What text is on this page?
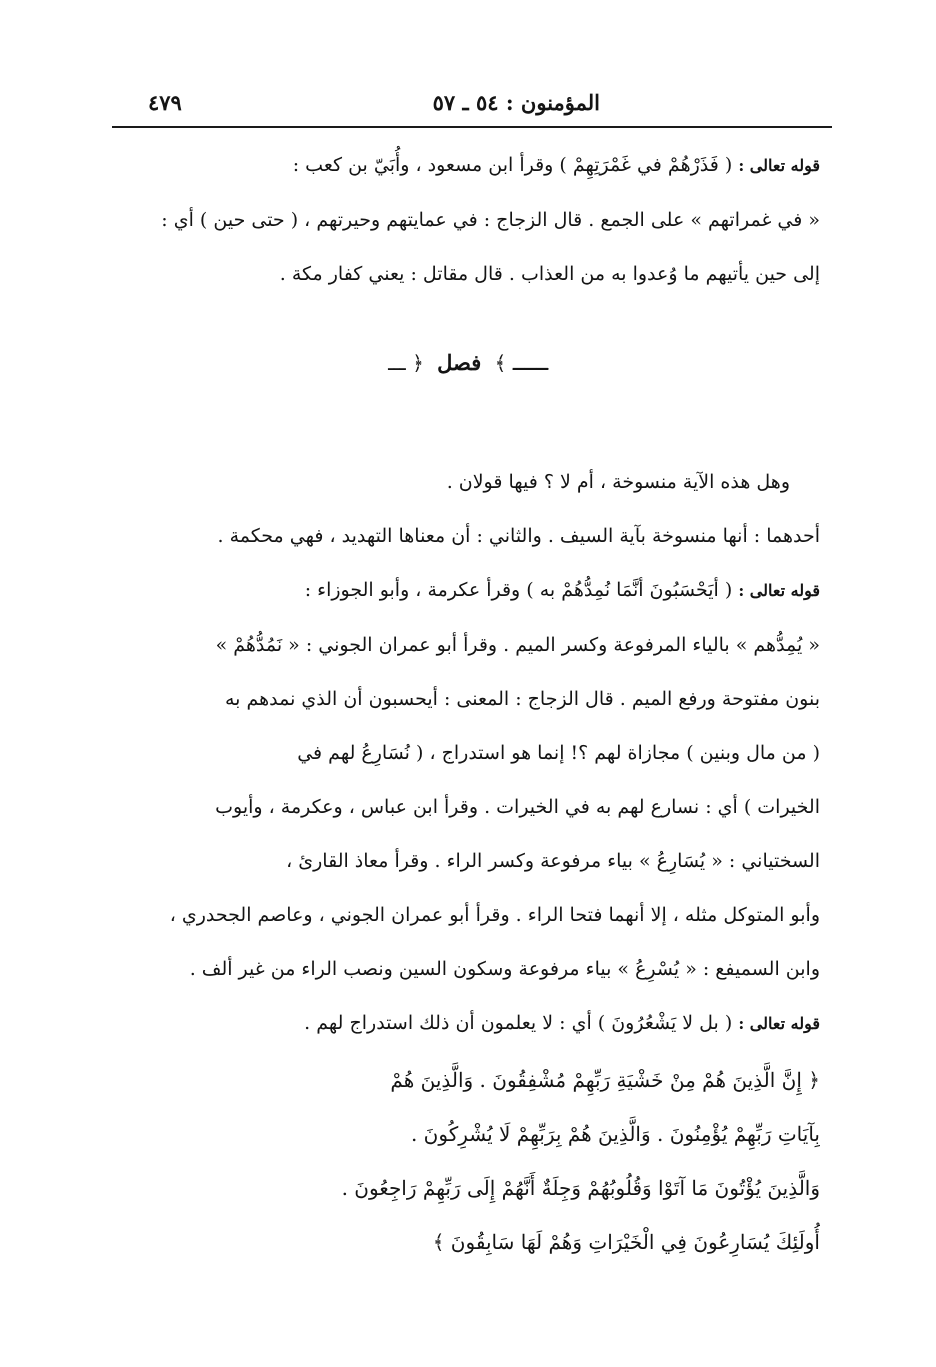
المؤمنون : ٥٤ ـ ٥٧
٤٧٩
قوله تعالى : ( فَذَرْهُمْ في غَمْرَتِهِمْ ) وقرأ ابن مسعود ، وأُبَيّ بن كعب :
« في غمراتهم » على الجمع . قال الزجاج : في عمايتهم وحيرتهم ، ( حتى حين ) أي :
إلى حين يأتيهم ما وُعدوا به من العذاب . قال مقاتل : يعني كفار مكة .
ـــ ﴾ فصل ﴿ ـــ
وهل هذه الآية منسوخة ، أم لا ؟ فيها قولان .
أحدهما : أنها منسوخة بآية السيف . والثاني : أن معناها التهديد ، فهي محكمة .
قوله تعالى : ( أيَحْسَبُونَ أنَّمَا نُمِدُّهُمْ به ) وقرأ عكرمة ، وأبو الجوزاء :
« يُمِدُّهم » بالياء المرفوعة وكسر الميم . وقرأ أبو عمران الجوني : « نَمُدُّهُمْ »
بنون مفتوحة ورفع الميم . قال الزجاج : المعنى : أيحسبون أن الذي نمدهم به
( من مال وبنين ) مجازاة لهم ؟! إنما هو استدراج ، ( نُسَارِعُ لهم في
الخيرات ) أي : نسارع لهم به في الخيرات . وقرأ ابن عباس ، وعكرمة ، وأيوب
السختياني : « يُسَارِعُ » بياء مرفوعة وكسر الراء . وقرأ معاذ القارئ ،
وأبو المتوكل مثله ، إلا أنهما فتحا الراء . وقرأ أبو عمران الجوني ، وعاصم الجحدري ،
وابن السميفع : « يُسْرِعُ » بياء مرفوعة وسكون السين ونصب الراء من غير ألف .
قوله تعالى : ( بل لا يَشْعُرُونَ ) أي : لا يعلمون أن ذلك استدراج لهم .
﴿ إِنَّ الَّذِينَ هُمْ مِنْ خَشْيَةِ رَبِّهِمْ مُشْفِقُونَ . وَالَّذِينَ هُمْ
بِآيَاتِ رَبِّهِمْ يُؤْمِنُونَ . وَالَّذِينَ هُمْ بِرَبِّهِمْ لَا يُشْرِكُونَ .
وَالَّذِينَ يُؤْتُونَ مَا آتَوْا وَقُلُوبُهُمْ وَجِلَةٌ أَنَّهُمْ إِلَى رَبِّهِمْ رَاجِعُونَ .
أُولَئِكَ يُسَارِعُونَ فِي الْخَيْرَاتِ وَهُمْ لَهَا سَابِقُونَ ﴾
